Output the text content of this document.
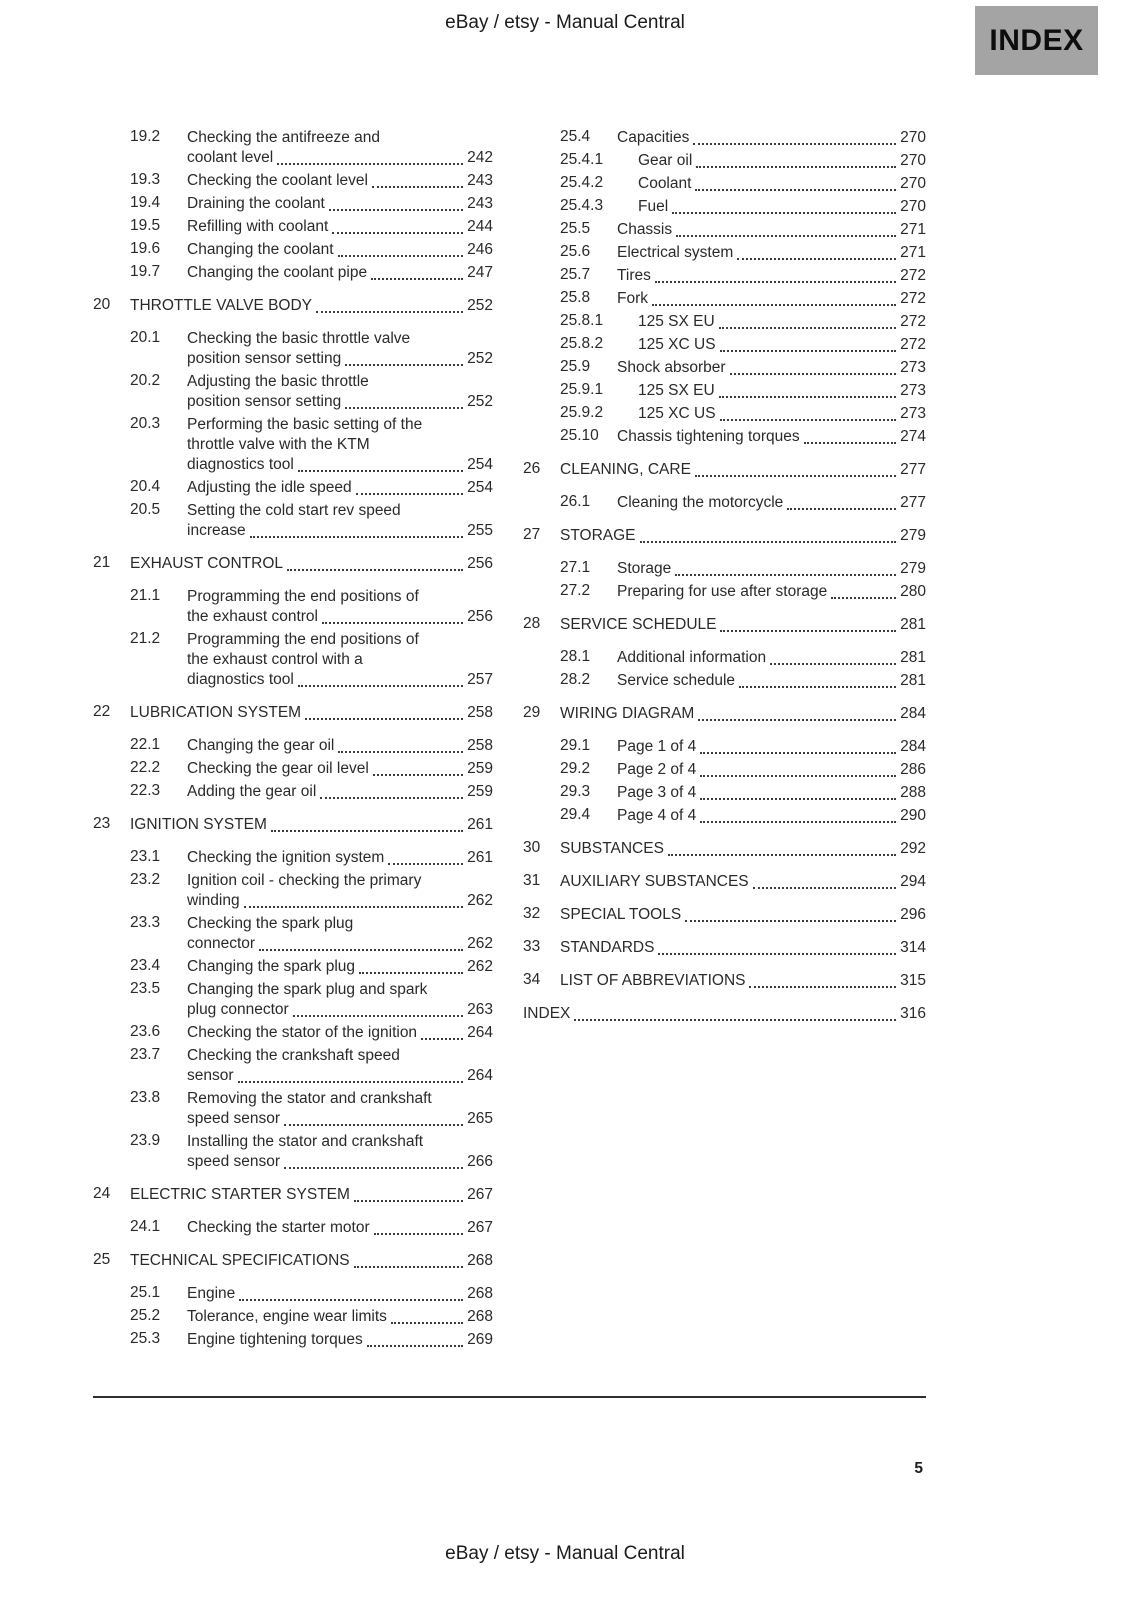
eBay / etsy - Manual Central
INDEX
19.2	Checking the antifreeze and
coolant level	242
19.3	Checking the coolant level	243
19.4	Draining the coolant	243
19.5	Refilling with coolant	244
19.6	Changing the coolant	246
19.7	Changing the coolant pipe	247
20	THROTTLE VALVE BODY	252
20.1	Checking the basic throttle valve
position sensor setting	252
20.2	Adjusting the basic throttle
position sensor setting	252
20.3	Performing the basic setting of the
throttle valve with the KTM
diagnostics tool	254
20.4	Adjusting the idle speed	254
20.5	Setting the cold start rev speed
increase	255
21	EXHAUST CONTROL	256
21.1	Programming the end positions of
the exhaust control	256
21.2	Programming the end positions of
the exhaust control with a
diagnostics tool	257
22	LUBRICATION SYSTEM	258
22.1	Changing the gear oil	258
22.2	Checking the gear oil level	259
22.3	Adding the gear oil	259
23	IGNITION SYSTEM	261
23.1	Checking the ignition system	261
23.2	Ignition coil - checking the primary
winding	262
23.3	Checking the spark plug
connector	262
23.4	Changing the spark plug	262
23.5	Changing the spark plug and spark
plug connector	263
23.6	Checking the stator of the ignition	264
23.7	Checking the crankshaft speed
sensor	264
23.8	Removing the stator and crankshaft
speed sensor	265
23.9	Installing the stator and crankshaft
speed sensor	266
24	ELECTRIC STARTER SYSTEM	267
24.1	Checking the starter motor	267
25	TECHNICAL SPECIFICATIONS	268
25.1	Engine	268
25.2	Tolerance, engine wear limits	268
25.3	Engine tightening torques	269
25.4	Capacities	270
25.4.1	Gear oil	270
25.4.2	Coolant	270
25.4.3	Fuel	270
25.5	Chassis	271
25.6	Electrical system	271
25.7	Tires	272
25.8	Fork	272
25.8.1	125 SX EU	272
25.8.2	125 XC US	272
25.9	Shock absorber	273
25.9.1	125 SX EU	273
25.9.2	125 XC US	273
25.10	Chassis tightening torques	274
26	CLEANING, CARE	277
26.1	Cleaning the motorcycle	277
27	STORAGE	279
27.1	Storage	279
27.2	Preparing for use after storage	280
28	SERVICE SCHEDULE	281
28.1	Additional information	281
28.2	Service schedule	281
29	WIRING DIAGRAM	284
29.1	Page 1 of 4	284
29.2	Page 2 of 4	286
29.3	Page 3 of 4	288
29.4	Page 4 of 4	290
30	SUBSTANCES	292
31	AUXILIARY SUBSTANCES	294
32	SPECIAL TOOLS	296
33	STANDARDS	314
34	LIST OF ABBREVIATIONS	315
INDEX	316
5
eBay / etsy - Manual Central
